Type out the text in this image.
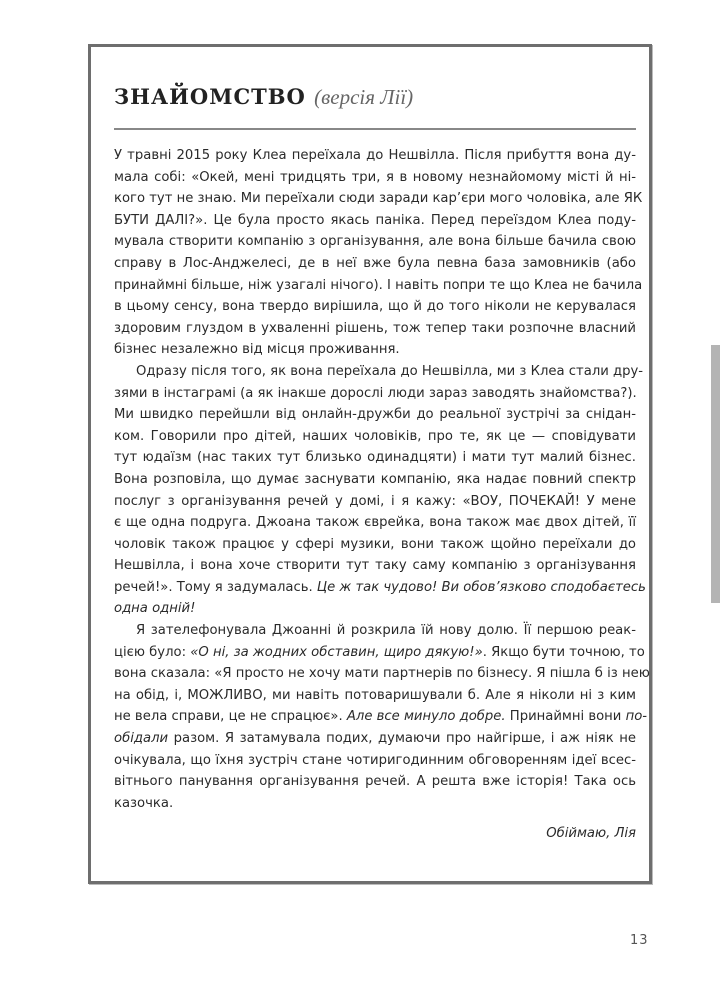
ЗНАЙОМСТВО (версія Лії)
У травні 2015 року Клеа переїхала до Нешвілла. Після прибуття вона ду-
мала собі: «Окей, мені тридцять три, я в новому незнайомому місті й ні-
кого тут не знаю. Ми переїхали сюди заради кар’єри мого чоловіка, але ЯК
БУТИ ДАЛІ?». Це була просто якась паніка. Перед переїздом Клеа поду-
мувала створити компанію з організування, але вона більше бачила свою
справу в Лос-Анджелесі, де в неї вже була певна база замовників (або
принаймні більше, ніж узагалі нічого). І навіть попри те що Клеа не бачила
в цьому сенсу, вона твердо вирішила, що й до того ніколи не керувалася
здоровим глуздом в ухваленні рішень, тож тепер таки розпочне власний
бізнес незалежно від місця проживання.
Одразу після того, як вона переїхала до Нешвілла, ми з Клеа стали дру-
зями в інстаграмі (а як інакше дорослі люди зараз заводять знайомства?).
Ми швидко перейшли від онлайн-дружби до реальної зустрічі за снідан-
ком. Говорили про дітей, наших чоловіків, про те, як це — сповідувати
тут юдаїзм (нас таких тут близько одинадцяти) і мати тут малий бізнес.
Вона розповіла, що думає заснувати компанію, яка надає повний спектр
послуг з організування речей у домі, і я кажу: «ВОУ, ПОЧЕКАЙ! У мене
є ще одна подруга. Джоана також єврейка, вона також має двох дітей, її
чоловік також працює у сфері музики, вони також щойно переїхали до
Нешвілла, і вона хоче створити тут таку саму компанію з організування
речей!». Тому я задумалась. Це ж так чудово! Ви обов’язково сподобаєтесь
одна одній!
Я зателефонувала Джоанні й розкрила їй нову долю. Її першою реак-
цією було: «О ні, за жодних обставин, щиро дякую!». Якщо бути точною, то
вона сказала: «Я просто не хочу мати партнерів по бізнесу. Я пішла б із нею
на обід, і, МОЖЛИВО, ми навіть потоваришували б. Але я ніколи ні з ким
не вела справи, це не спрацює». Але все минуло добре. Принаймні вони по-
обідали разом. Я затамувала подих, думаючи про найгірше, і аж ніяк не
очікувала, що їхня зустріч стане чотиригодинним обговоренням ідеї всес-
вітнього панування організування речей. А решта вже історія! Така ось
казочка.
Обіймаю, Лія
13
